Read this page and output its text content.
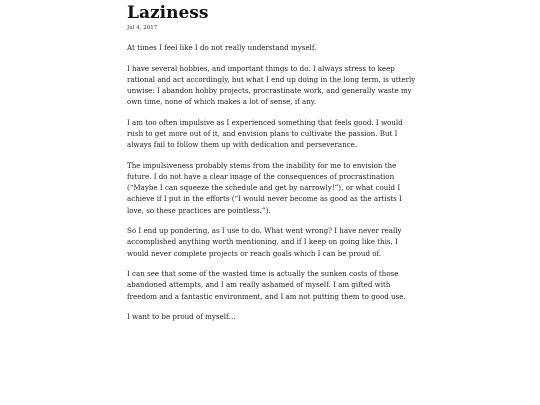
Laziness
Jul 4, 2017

At times I feel like I do not really understand myself.

I have several hobbies, and important things to do. I always stress to keep rational and act accordingly, but what I end up doing in the long term, is utterly unwise: I abandon hobby projects, procrastinate work, and generally waste my own time, none of which makes a lot of sense, if any.

I am too often impulsive as I experienced something that feels good. I would rush to get more out of it, and envision plans to cultivate the passion. But I always fail to follow them up with dedication and perseverance.

The impulsiveness probably stems from the inability for me to envision the future. I do not have a clear image of the consequences of procrastination (“Maybe I can squeeze the schedule and get by narrowly!”), or what could I achieve if I put in the efforts (“I would never become as good as the artists I love, so these practices are pointless.”).

So I end up pondering, as I use to do. What went wrong? I have never really accomplished anything worth mentioning, and if I keep on going like this, I would never complete projects or reach goals which I can be proud of.

I can see that some of the wasted time is actually the sunken costs of those abandoned attempts, and I am really ashamed of myself. I am gifted with freedom and a fantastic environment, and I am not putting them to good use.

I want to be proud of myself…
